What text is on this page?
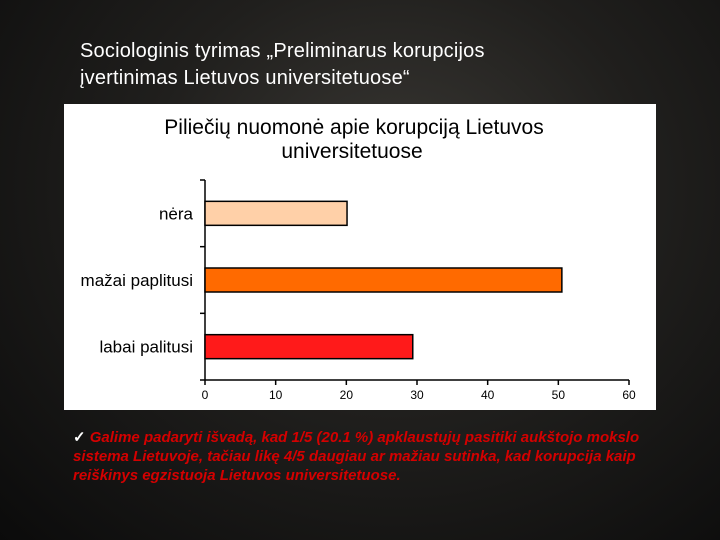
Sociologinis tyrimas „Preliminarus korupcijos
įvertinimas Lietuvos universitetuose“
Piliečių nuomonė apie korupciją Lietuvos
universitetuose
0	10	20	30	40	50	60
nėra
mažai paplitusi
labai palitusi
✓ Galime padaryti išvadą, kad 1/5 (20.1 %) apklaustųjų pasitiki aukštojo mokslo sistema Lietuvoje, tačiau likę 4/5 daugiau ar mažiau sutinka, kad korupcija kaip reiškinys egzistuoja Lietuvos universitetuose.
